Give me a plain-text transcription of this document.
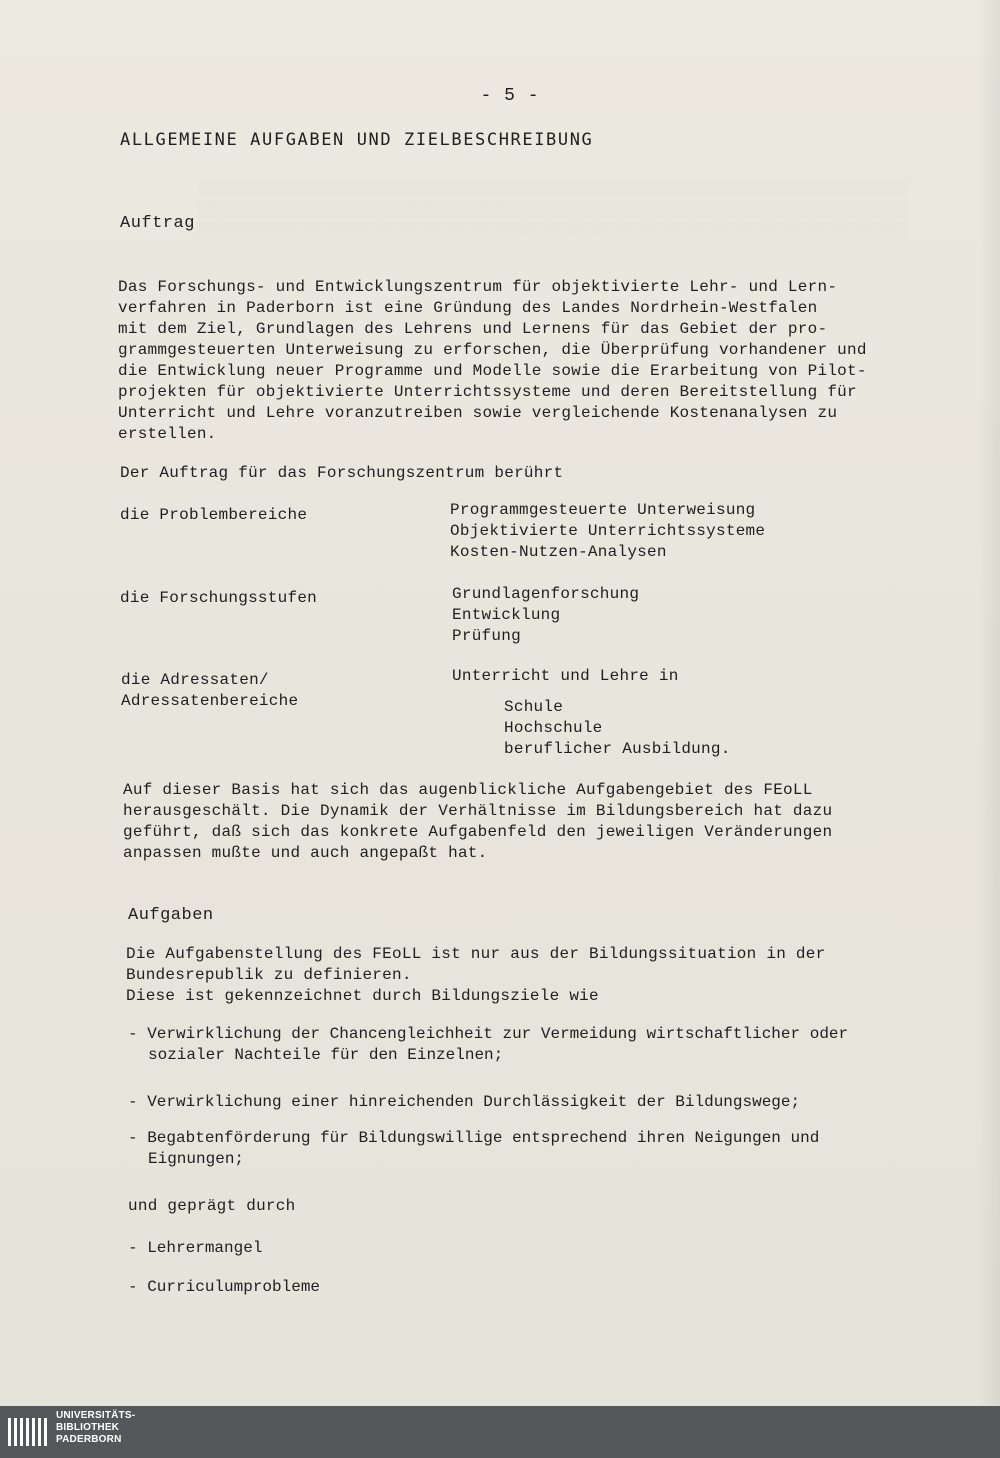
░░░░░░░░░░░░░░░░░░░░░░░░░░░░░░░░░░░░░░░░░░░░░░░░░░░░░░░░░░░░░░░░░░░░░░░░░░░░░░░
░░░░░░░░░░░░░░░░░░░░░░░░░░░░░░░░░░░░░░░░░░░░░░░░░░░░░░░░░░░░░░░░░░░░░░░░░░░░░░░
░░░░░░░░░░░░░░░░░░░░░░░░░░░░░░░░░░░░░░░░░░░░░░░░░░░░░░░░░░░░░░░░░░░░░░░░░░░░░░░
- 5 -
ALLGEMEINE AUFGABEN UND ZIELBESCHREIBUNG
Auftrag
Das Forschungs- und Entwicklungszentrum für objektivierte Lehr- und Lern-
verfahren in Paderborn ist eine Gründung des Landes Nordrhein-Westfalen
mit dem Ziel, Grundlagen des Lehrens und Lernens für das Gebiet der pro-
grammgesteuerten Unterweisung zu erforschen, die Überprüfung vorhandener und
die Entwicklung neuer Programme und Modelle sowie die Erarbeitung von Pilot-
projekten für objektivierte Unterrichtssysteme und deren Bereitstellung für
Unterricht und Lehre voranzutreiben sowie vergleichende Kostenanalysen zu
erstellen.
Der Auftrag für das Forschungszentrum berührt
die Problembereiche	Programmgesteuerte Unterweisung
Objektivierte Unterrichtssysteme
Kosten-Nutzen-Analysen
die Forschungsstufen	Grundlagenforschung
Entwicklung
Prüfung
die Adressaten/
Adressatenbereiche
Unterricht und Lehre in
Schule
Hochschule
beruflicher Ausbildung.
Auf dieser Basis hat sich das augenblickliche Aufgabengebiet des FEoLL
herausgeschält. Die Dynamik der Verhältnisse im Bildungsbereich hat dazu
geführt, daß sich das konkrete Aufgabenfeld den jeweiligen Veränderungen
anpassen mußte und auch angepaßt hat.
Aufgaben
Die Aufgabenstellung des FEoLL ist nur aus der Bildungssituation in der
Bundesrepublik zu definieren.
Diese ist gekennzeichnet durch Bildungsziele wie
- Verwirklichung der Chancengleichheit zur Vermeidung wirtschaftlicher oder
sozialer Nachteile für den Einzelnen;
- Verwirklichung einer hinreichenden Durchlässigkeit der Bildungswege;
- Begabtenförderung für Bildungswillige entsprechend ihren Neigungen und
Eignungen;
und geprägt durch
- Lehrermangel
- Curriculumprobleme
UNIVERSITÄTS-
BIBLIOTHEK
PADERBORN
